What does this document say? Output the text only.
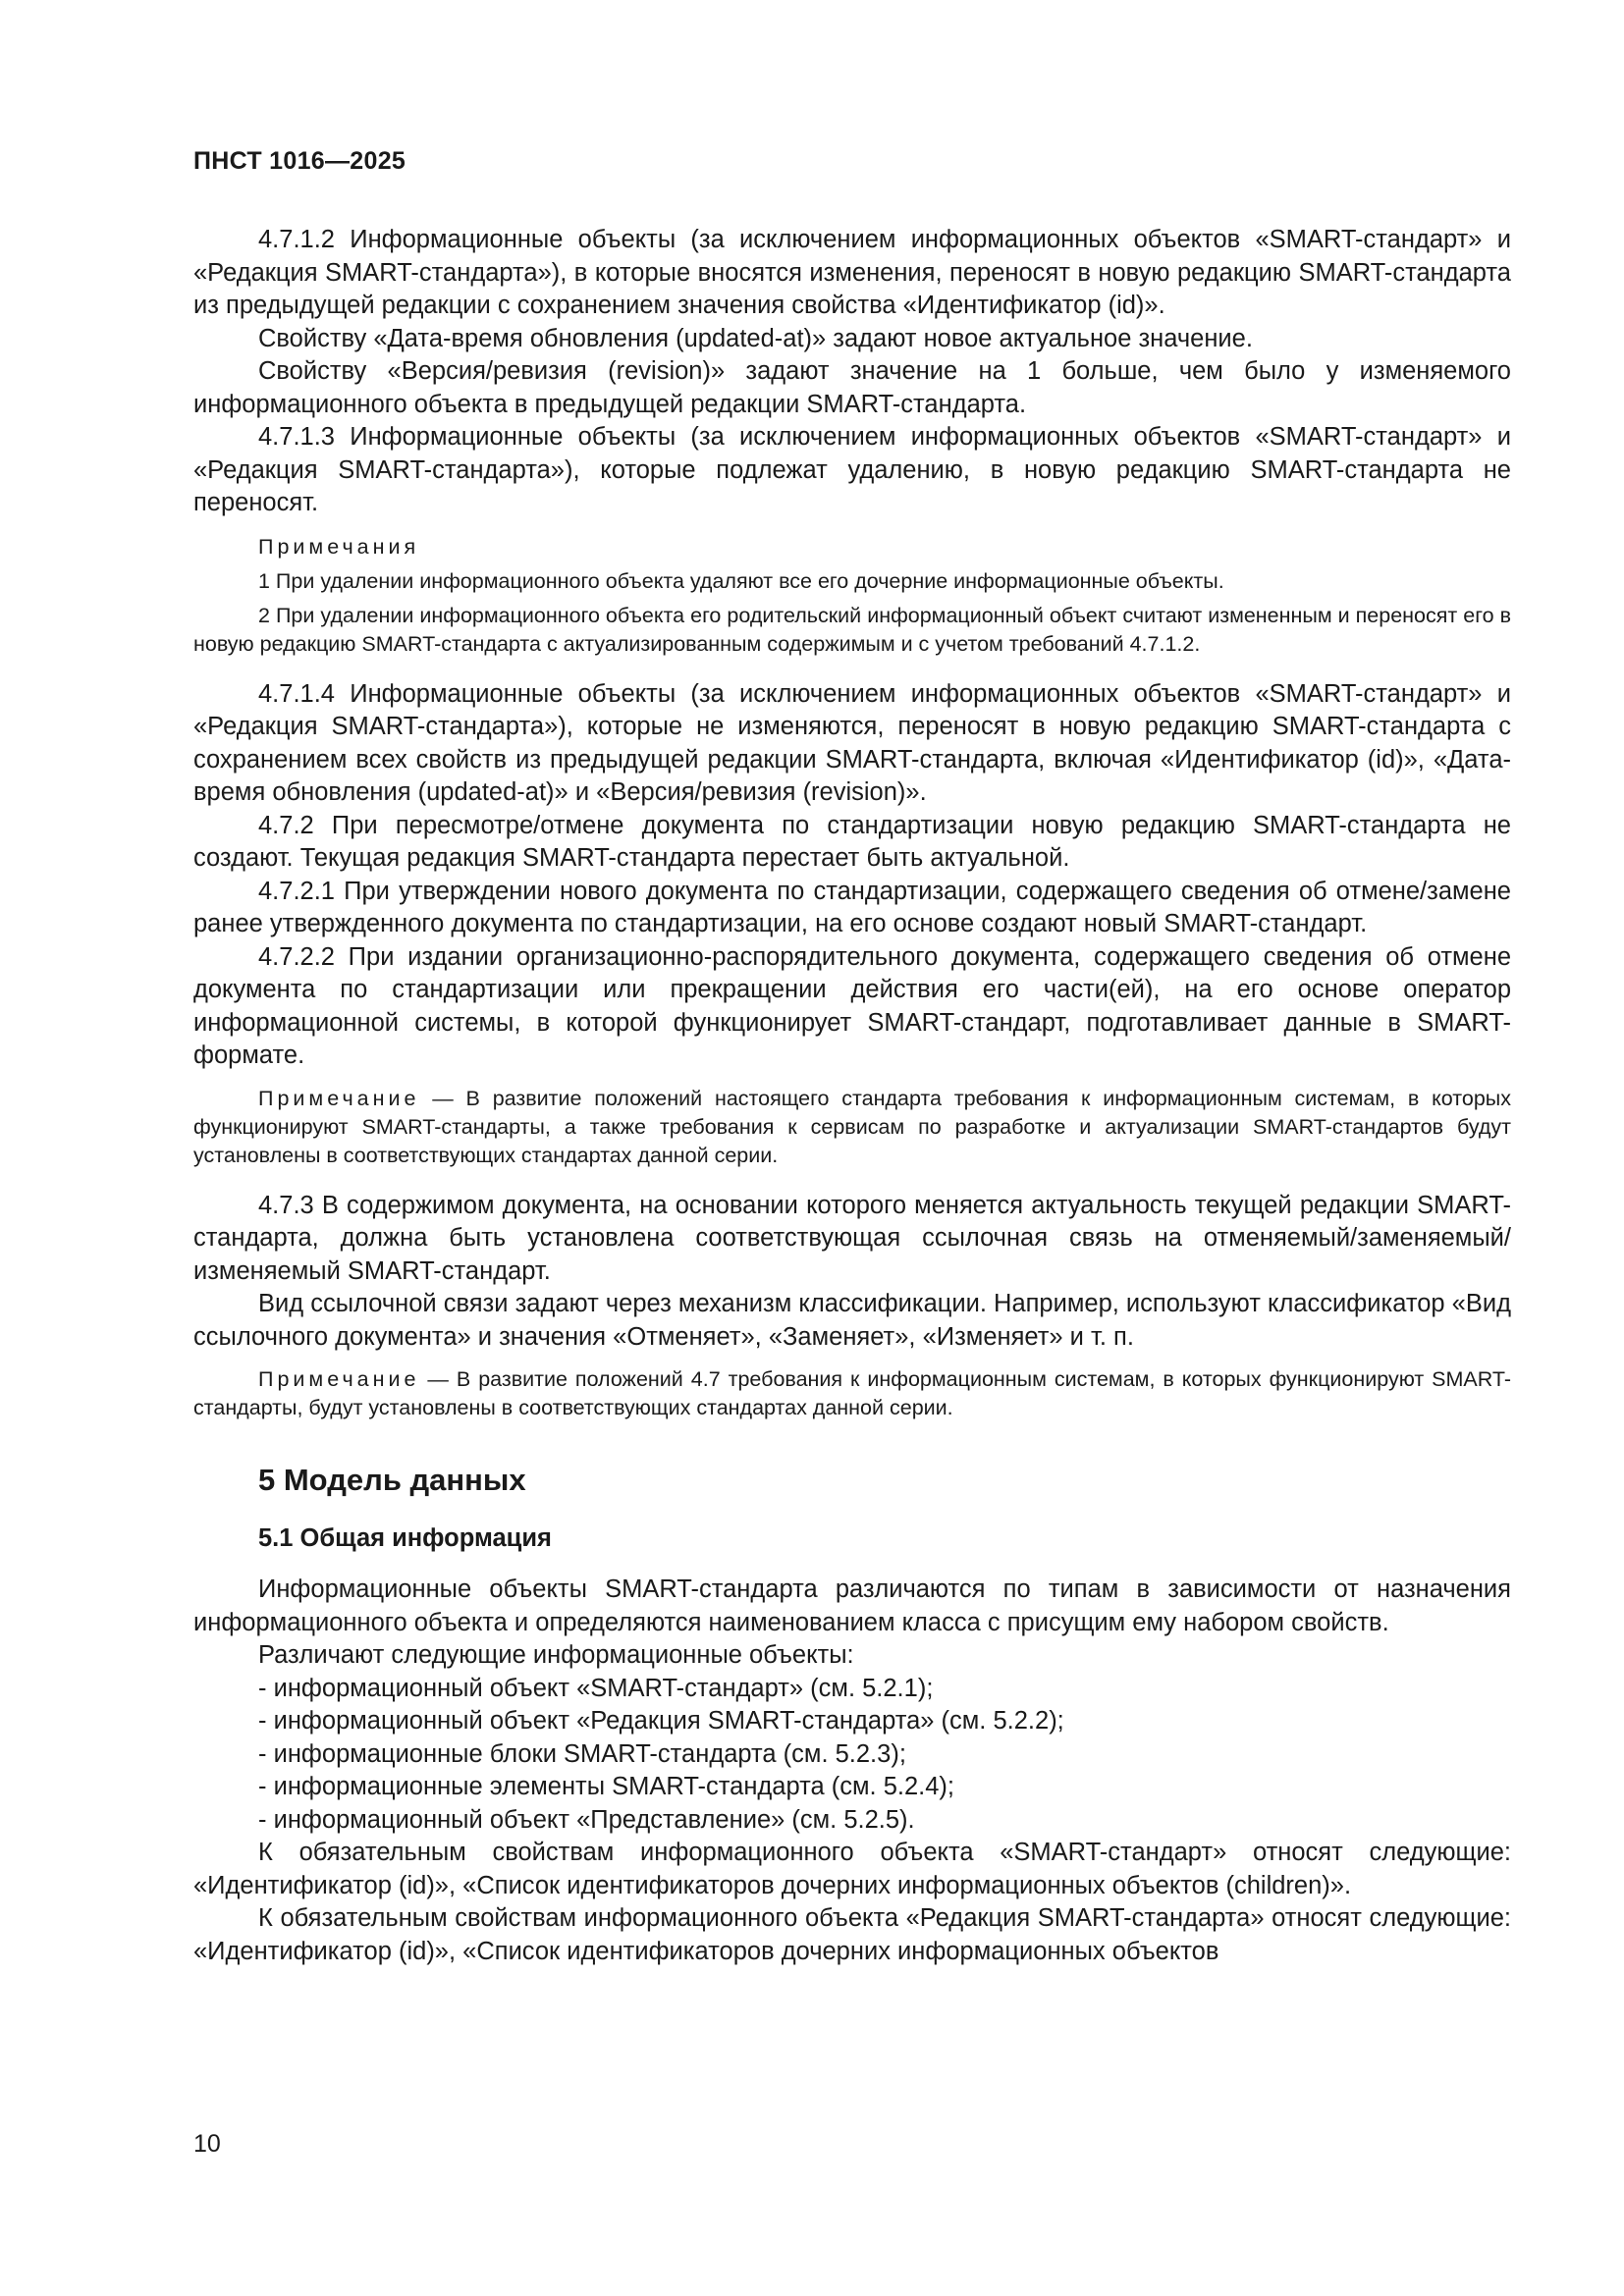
ПНСТ 1016—2025

4.7.1.2 Информационные объекты (за исключением информационных объектов «SMART-стандарт» и «Редакция SMART-стандарта»), в которые вносятся изменения, переносят в новую редакцию SMART-стандарта из предыдущей редакции с сохранением значения свойства «Идентификатор (id)».

Свойству «Дата-время обновления (updated-at)» задают новое актуальное значение.

Свойству «Версия/ревизия (revision)» задают значение на 1 больше, чем было у изменяемого информационного объекта в предыдущей редакции SMART-стандарта.

4.7.1.3 Информационные объекты (за исключением информационных объектов «SMART-стандарт» и «Редакция SMART-стандарта»), которые подлежат удалению, в новую редакцию SMART-стандарта не переносят.

Примечания

1 При удалении информационного объекта удаляют все его дочерние информационные объекты.

2 При удалении информационного объекта его родительский информационный объект считают измененным и переносят его в новую редакцию SMART-стандарта с актуализированным содержимым и с учетом требований 4.7.1.2.

4.7.1.4 Информационные объекты (за исключением информационных объектов «SMART-стандарт» и «Редакция SMART-стандарта»), которые не изменяются, переносят в новую редакцию SMART-стандарта с сохранением всех свойств из предыдущей редакции SMART-стандарта, включая «Идентификатор (id)», «Дата-время обновления (updated-at)» и «Версия/ревизия (revision)».

4.7.2 При пересмотре/отмене документа по стандартизации новую редакцию SMART-стандарта не создают. Текущая редакция SMART-стандарта перестает быть актуальной.

4.7.2.1 При утверждении нового документа по стандартизации, содержащего сведения об отмене/замене ранее утвержденного документа по стандартизации, на его основе создают новый SMART-стандарт.

4.7.2.2 При издании организационно-распорядительного документа, содержащего сведения об отмене документа по стандартизации или прекращении действия его части(ей), на его основе оператор информационной системы, в которой функционирует SMART-стандарт, подготавливает данные в SMART-формате.

Примечание — В развитие положений настоящего стандарта требования к информационным системам, в которых функционируют SMART-стандарты, а также требования к сервисам по разработке и актуализации SMART-стандартов будут установлены в соответствующих стандартах данной серии.

4.7.3 В содержимом документа, на основании которого меняется актуальность текущей редакции SMART-стандарта, должна быть установлена соответствующая ссылочная связь на отменяемый/заменяемый/изменяемый SMART-стандарт.

Вид ссылочной связи задают через механизм классификации. Например, используют классификатор «Вид ссылочного документа» и значения «Отменяет», «Заменяет», «Изменяет» и т. п.

Примечание — В развитие положений 4.7 требования к информационным системам, в которых функционируют SMART-стандарты, будут установлены в соответствующих стандартах данной серии.

5 Модель данных
5.1 Общая информация

Информационные объекты SMART-стандарта различаются по типам в зависимости от назначения информационного объекта и определяются наименованием класса с присущим ему набором свойств.

Различают следующие информационные объекты:

- информационный объект «SMART-стандарт» (см. 5.2.1);
- информационный объект «Редакция SMART-стандарта» (см. 5.2.2);
- информационные блоки SMART-стандарта (см. 5.2.3);
- информационные элементы SMART-стандарта (см. 5.2.4);
- информационный объект «Представление» (см. 5.2.5).

К обязательным свойствам информационного объекта «SMART-стандарт» относят следующие: «Идентификатор (id)», «Список идентификаторов дочерних информационных объектов (children)».

К обязательным свойствам информационного объекта «Редакция SMART-стандарта» относят следующие: «Идентификатор (id)», «Список идентификаторов дочерних информационных объектов

10
